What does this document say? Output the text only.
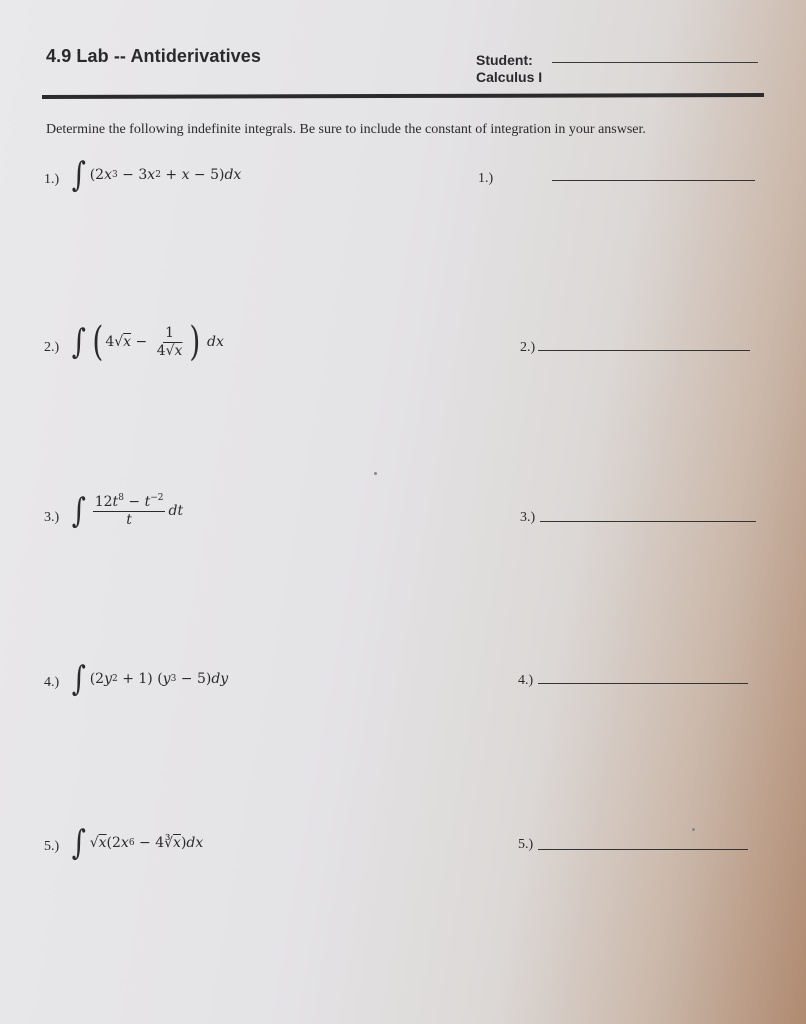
4.9 Lab -- Antiderivatives	Student:
Calculus I
Determine the following indefinite integrals. Be sure to include the constant of integration in your answser.
1.) ∫ (2 x 3 − 3 x 2 + x − 5) dx	1.)
2.) ∫ ( 4√ $x - \frac{1}{4√x}$ ) dx	2.)
3.) ∫ $\frac{12t^8 - t^{-2}}{t}$ dt	3.)
4.) ∫ (2 y 2 + 1) ( y 3 − 5) dy	4.)
5.) ∫ √ x (2 x 6 − 4∛ $\overline{x}$ ) dx	5.)
